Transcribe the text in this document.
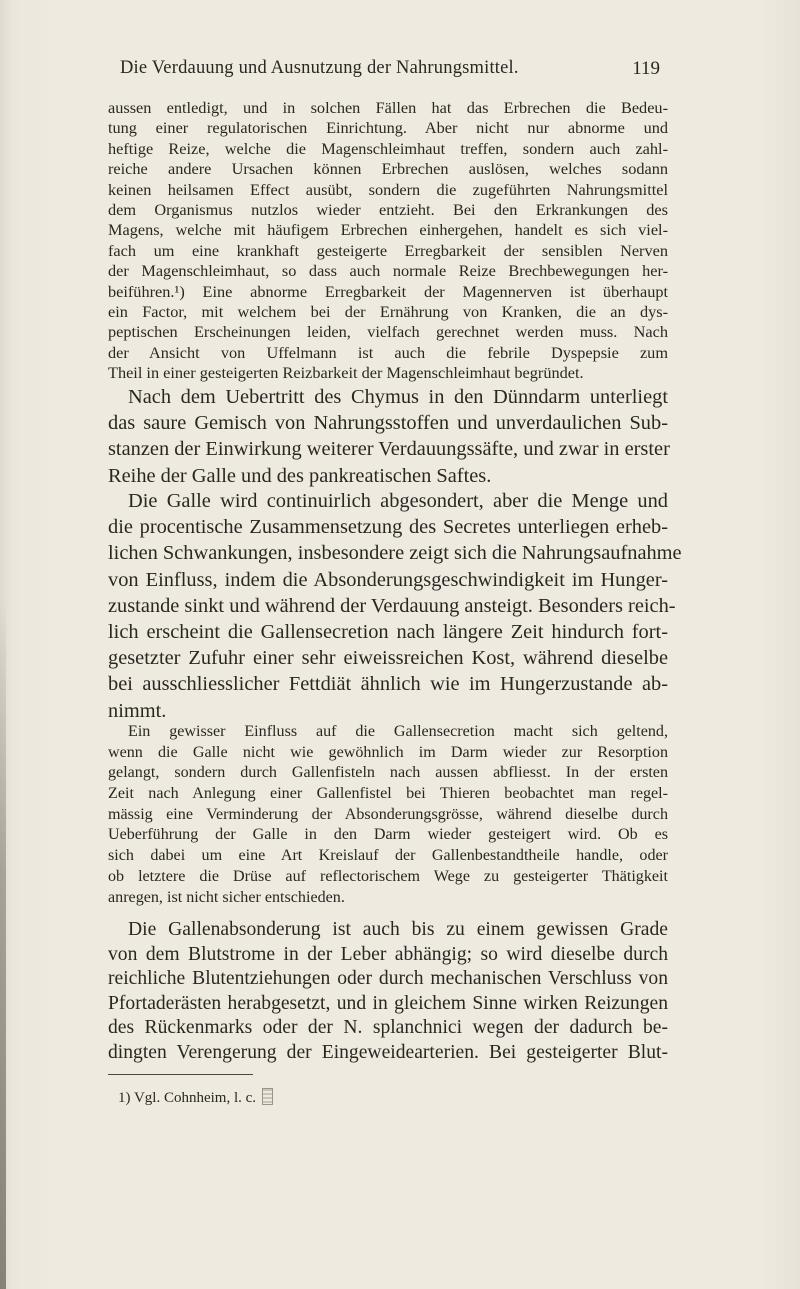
Die Verdauung und Ausnutzung der Nahrungsmittel.	119
aussen entledigt, und in solchen Fällen hat das Erbrechen die Bedeu-
tung einer regulatorischen Einrichtung. Aber nicht nur abnorme und
heftige Reize, welche die Magenschleimhaut treffen, sondern auch zahl-
reiche andere Ursachen können Erbrechen auslösen, welches sodann
keinen heilsamen Effect ausübt, sondern die zugeführten Nahrungsmittel
dem Organismus nutzlos wieder entzieht. Bei den Erkrankungen des
Magens, welche mit häufigem Erbrechen einhergehen, handelt es sich viel-
fach um eine krankhaft gesteigerte Erregbarkeit der sensiblen Nerven
der Magenschleimhaut, so dass auch normale Reize Brechbewegungen her-
beiführen.¹) Eine abnorme Erregbarkeit der Magennerven ist überhaupt
ein Factor, mit welchem bei der Ernährung von Kranken, die an dys-
peptischen Erscheinungen leiden, vielfach gerechnet werden muss. Nach
der Ansicht von Uffelmann ist auch die febrile Dyspepsie zum
Theil in einer gesteigerten Reizbarkeit der Magenschleimhaut begründet.
Nach dem Uebertritt des Chymus in den Dünndarm unterliegt
das saure Gemisch von Nahrungsstoffen und unverdaulichen Sub-
stanzen der Einwirkung weiterer Verdauungssäfte, und zwar in erster
Reihe der Galle und des pankreatischen Saftes.
Die Galle wird continuirlich abgesondert, aber die Menge und
die procentische Zusammensetzung des Secretes unterliegen erheb-
lichen Schwankungen, insbesondere zeigt sich die Nahrungsaufnahme
von Einfluss, indem die Absonderungsgeschwindigkeit im Hunger-
zustande sinkt und während der Verdauung ansteigt. Besonders reich-
lich erscheint die Gallensecretion nach längere Zeit hindurch fort-
gesetzter Zufuhr einer sehr eiweissreichen Kost, während dieselbe
bei ausschliesslicher Fettdiät ähnlich wie im Hungerzustande ab-
nimmt.
Ein gewisser Einfluss auf die Gallensecretion macht sich geltend,
wenn die Galle nicht wie gewöhnlich im Darm wieder zur Resorption
gelangt, sondern durch Gallenfisteln nach aussen abfliesst. In der ersten
Zeit nach Anlegung einer Gallenfistel bei Thieren beobachtet man regel-
mässig eine Verminderung der Absonderungsgrösse, während dieselbe durch
Ueberführung der Galle in den Darm wieder gesteigert wird. Ob es
sich dabei um eine Art Kreislauf der Gallenbestandtheile handle, oder
ob letztere die Drüse auf reflectorischem Wege zu gesteigerter Thätigkeit
anregen, ist nicht sicher entschieden.
Die Gallenabsonderung ist auch bis zu einem gewissen Grade
von dem Blutstrome in der Leber abhängig; so wird dieselbe durch
reichliche Blutentziehungen oder durch mechanischen Verschluss von
Pfortaderästen herabgesetzt, und in gleichem Sinne wirken Reizungen
des Rückenmarks oder der N. splanchnici wegen der dadurch be-
dingten Verengerung der Eingeweidearterien. Bei gesteigerter Blut-
1) Vgl. Cohnheim, l. c.
